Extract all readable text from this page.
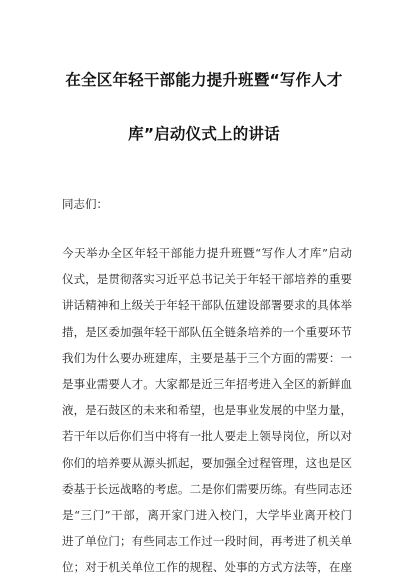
在全区年轻干部能力提升班暨“写作人才
库”启动仪式上的讲话
同志们：
今天举办全区年轻干部能力提升班暨“写作人才库”启动
仪式，是贯彻落实习近平总书记关于年轻干部培养的重要
讲话精神和上级关于年轻干部队伍建设部署要求的具体举
措，是区委加强年轻干部队伍全链条培养的一个重要环节
我们为什么要办班建库，主要是基于三个方面的需要：一
是事业需要人才。大家都是近三年招考进入全区的新鲜血
液，是石鼓区的未来和希望，也是事业发展的中坚力量，
若干年以后你们当中将有一批人要走上领导岗位，所以对
你们的培养要从源头抓起，要加强全过程管理，这也是区
委基于长远战略的考虑。二是你们需要历练。有些同志还
是“三门”干部，离开家门进入校门，大学毕业离开校门
进了单位门；有些同志工作过一段时间，再考进了机关单
位；对于机关单位工作的规程、处事的方式方法等，在座
